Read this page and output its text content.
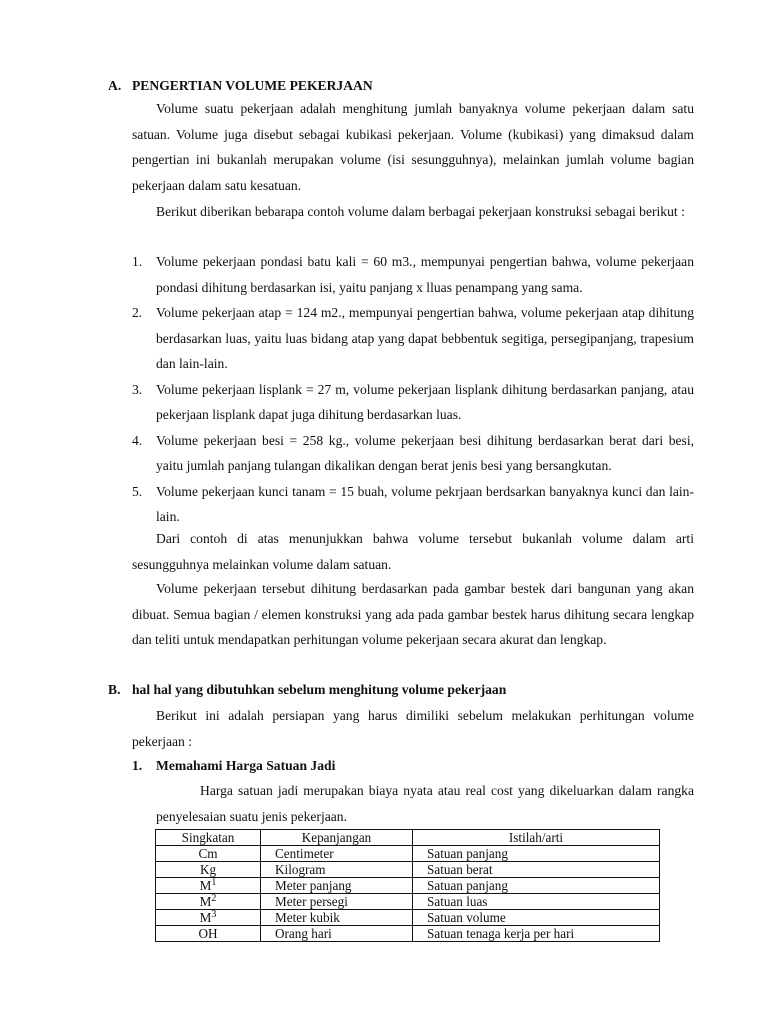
A. PENGERTIAN VOLUME PEKERJAAN
Volume suatu pekerjaan adalah menghitung jumlah banyaknya volume pekerjaan dalam satu satuan. Volume juga disebut sebagai kubikasi pekerjaan. Volume (kubikasi) yang dimaksud dalam pengertian ini bukanlah merupakan volume (isi sesungguhnya), melainkan jumlah volume bagian pekerjaan dalam satu kesatuan.
Berikut diberikan bebarapa contoh volume dalam berbagai pekerjaan konstruksi sebagai berikut :
1. Volume pekerjaan pondasi batu kali = 60 m3., mempunyai pengertian bahwa, volume pekerjaan pondasi dihitung berdasarkan isi, yaitu panjang x lluas penampang yang sama.
2. Volume pekerjaan atap = 124 m2., mempunyai pengertian bahwa, volume pekerjaan atap dihitung berdasarkan luas, yaitu luas bidang atap yang dapat bebbentuk segitiga, persegipanjang, trapesium dan lain-lain.
3. Volume pekerjaan lisplank = 27 m, volume pekerjaan lisplank dihitung berdasarkan panjang, atau pekerjaan lisplank dapat juga dihitung berdasarkan luas.
4. Volume pekerjaan besi = 258 kg., volume pekerjaan besi dihitung berdasarkan berat dari besi, yaitu jumlah panjang tulangan dikalikan dengan berat jenis besi yang bersangkutan.
5. Volume pekerjaan kunci tanam = 15 buah, volume pekrjaan berdsarkan banyaknya kunci dan lain-lain.
Dari contoh di atas menunjukkan bahwa volume tersebut bukanlah volume dalam arti sesungguhnya melainkan volume dalam satuan.
Volume pekerjaan tersebut dihitung berdasarkan pada gambar bestek dari bangunan yang akan dibuat. Semua bagian / elemen konstruksi yang ada pada gambar bestek harus dihitung secara lengkap dan teliti untuk mendapatkan perhitungan volume pekerjaan secara akurat dan lengkap.
B. hal hal yang dibutuhkan sebelum menghitung volume pekerjaan
Berikut ini adalah persiapan yang harus dimiliki sebelum melakukan perhitungan volume pekerjaan :
1. Memahami Harga Satuan Jadi
Harga satuan jadi merupakan biaya nyata atau real cost yang dikeluarkan dalam rangka penyelesaian suatu jenis pekerjaan.
Singkatan	Kepanjangan	Istilah/arti
Cm	Centimeter	Satuan panjang
Kg	Kilogram	Satuan berat
$M^1$	Meter panjang	Satuan panjang
$M^2$	Meter persegi	Satuan luas
$M^3$	Meter kubik	Satuan volume
OH	Orang hari	Satuan tenaga kerja per hari
